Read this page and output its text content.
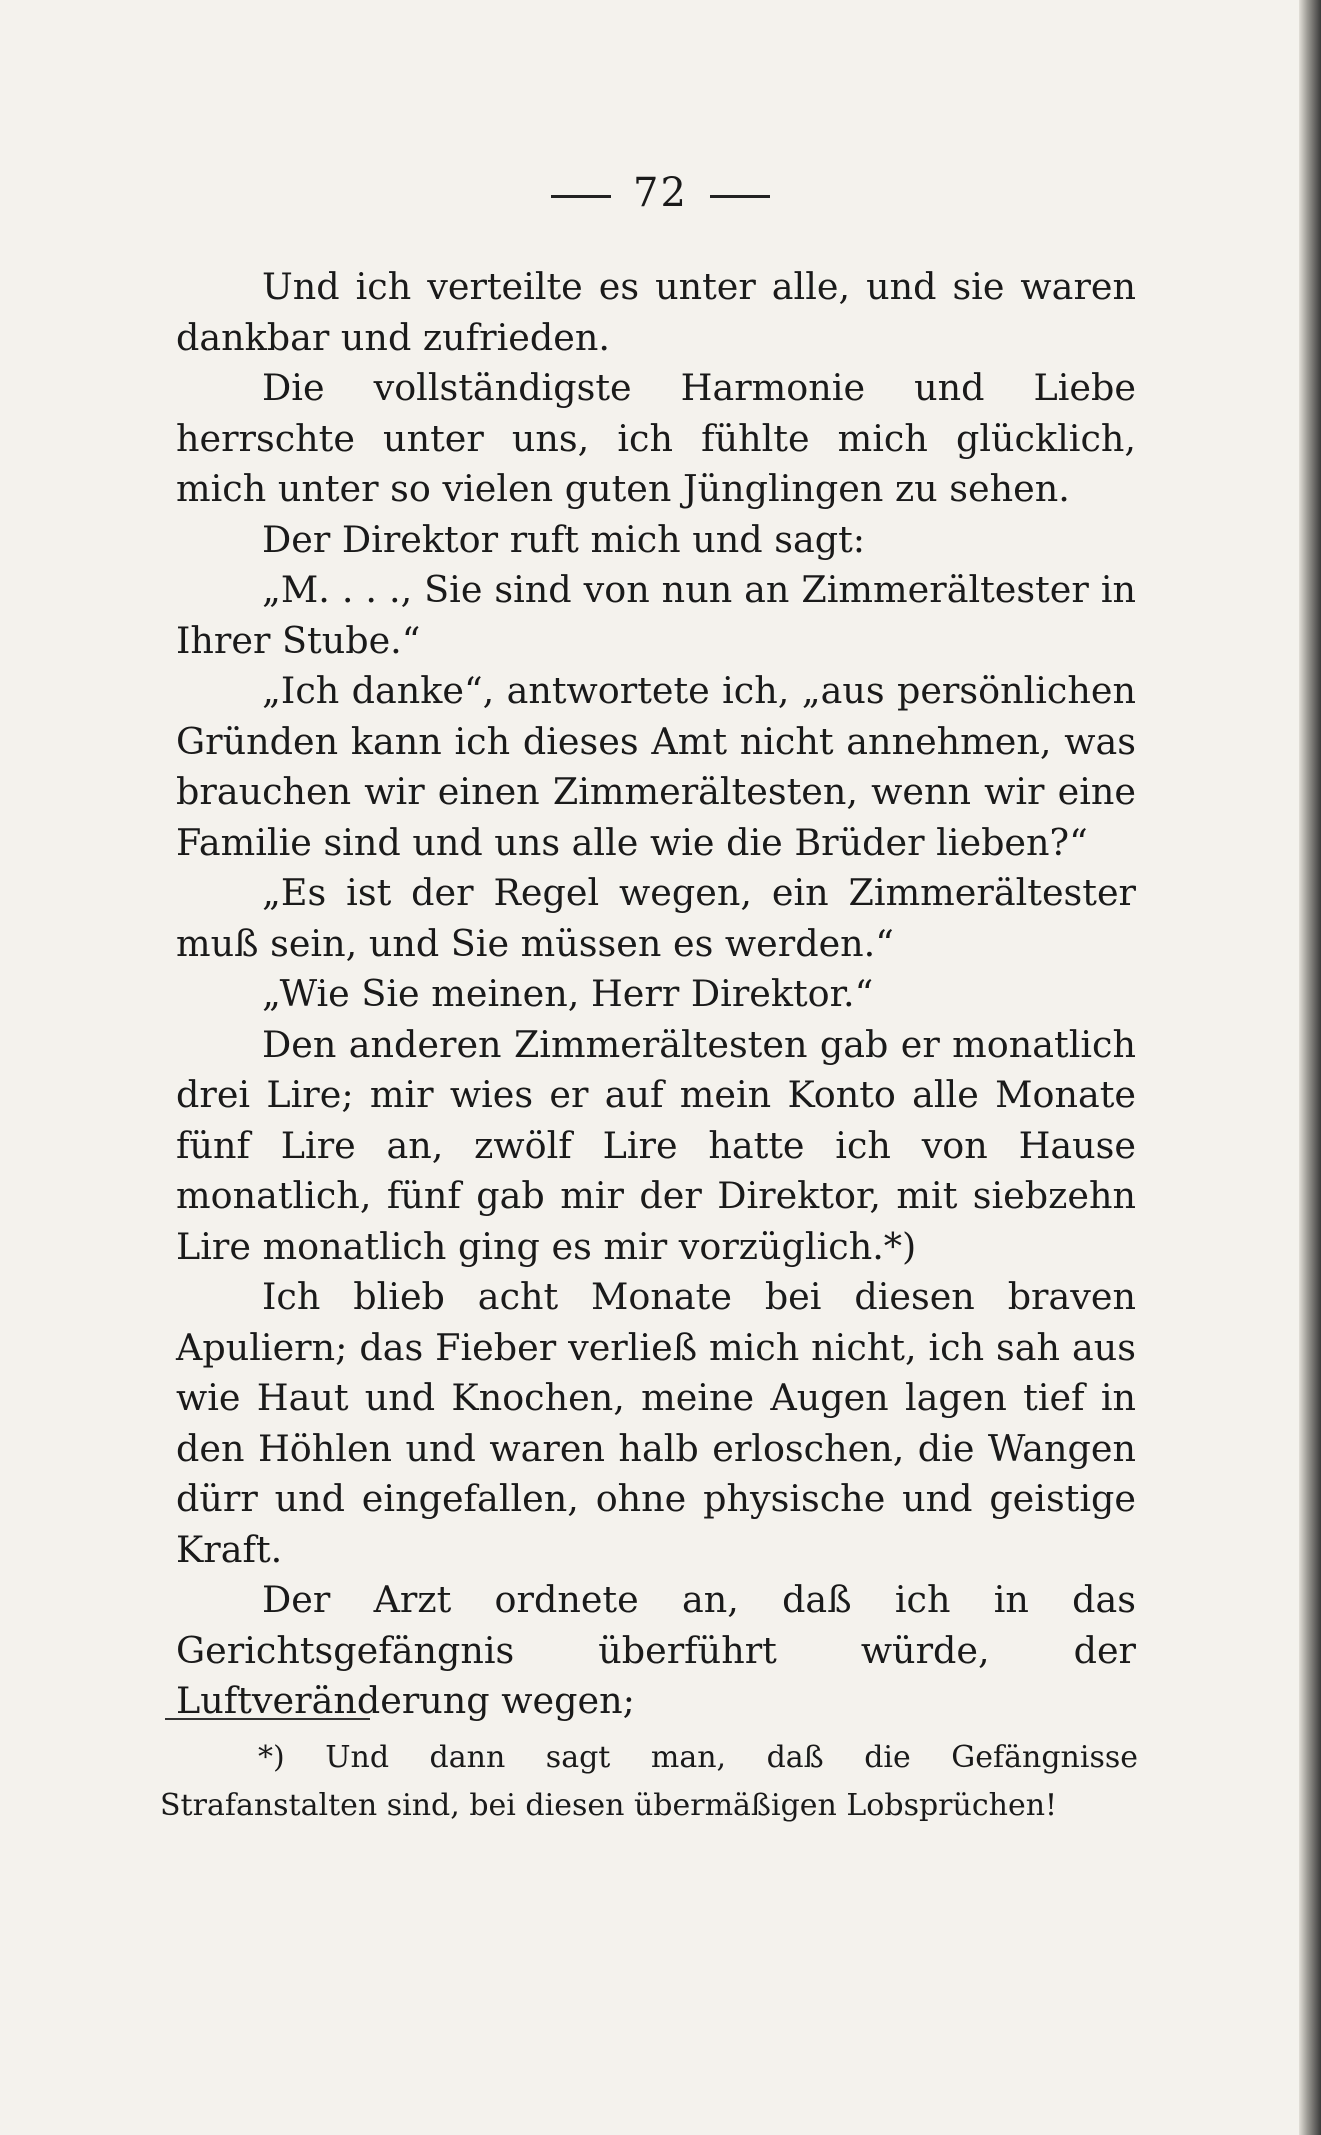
72

Und ich verteilte es unter alle, und sie waren dankbar und zufrieden.

Die vollständigste Harmonie und Liebe herrschte unter uns, ich fühlte mich glücklich, mich unter so vielen guten Jünglingen zu sehen.

Der Direktor ruft mich und sagt:

„M. . . ., Sie sind von nun an Zimmerältester in Ihrer Stube.“

„Ich danke“, antwortete ich, „aus persönlichen Gründen kann ich dieses Amt nicht annehmen, was brauchen wir einen Zimmerältesten, wenn wir eine Familie sind und uns alle wie die Brüder lieben?“

„Es ist der Regel wegen, ein Zimmerältester muß sein, und Sie müssen es werden.“

„Wie Sie meinen, Herr Direktor.“

Den anderen Zimmerältesten gab er monatlich drei Lire; mir wies er auf mein Konto alle Monate fünf Lire an, zwölf Lire hatte ich von Hause monatlich, fünf gab mir der Direktor, mit siebzehn Lire monatlich ging es mir vorzüglich.*)

Ich blieb acht Monate bei diesen braven Apuliern; das Fieber verließ mich nicht, ich sah aus wie Haut und Knochen, meine Augen lagen tief in den Höhlen und waren halb erloschen, die Wangen dürr und eingefallen, ohne physische und geistige Kraft.

Der Arzt ordnete an, daß ich in das Gerichtsgefängnis überführt würde, der Luftveränderung wegen;

*) Und dann sagt man, daß die Gefängnisse Strafanstalten sind, bei diesen übermäßigen Lobsprüchen!
